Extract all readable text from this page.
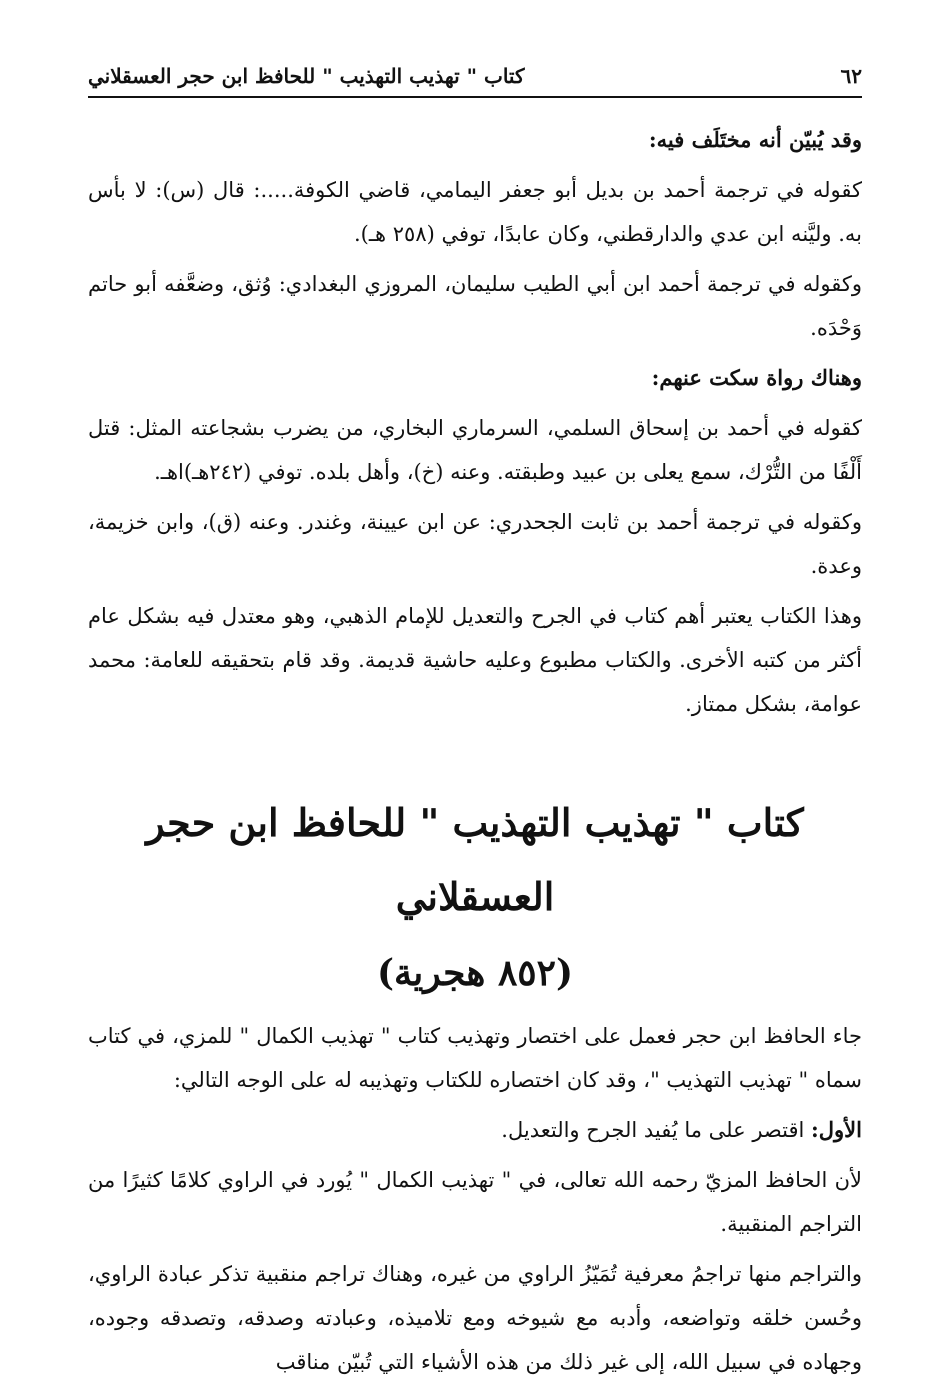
٦٢
كتاب " تهذيب التهذيب " للحافظ ابن حجر العسقلاني

وقد يُبيّن أنه مختَلَف فيه:

كقوله في ترجمة أحمد بن بديل أبو جعفر اليمامي، قاضي الكوفة.....: قال (س): لا بأس به. وليَّنه ابن عدي والدارقطني، وكان عابدًا، توفي (٢٥٨ هـ).

وكقوله في ترجمة أحمد ابن أبي الطيب سليمان، المروزي البغدادي: وُثق، وضعَّفه أبو حاتم وَحْدَه.

وهناك رواة سكت عنهم:

كقوله في أحمد بن إسحاق السلمي، السرماري البخاري، من يضرب بشجاعته المثل: قتل أَلْفًا من التُّرْك، سمع يعلى بن عبيد وطبقته. وعنه (خ)، وأهل بلده. توفي (٢٤٢هـ)اهـ.

وكقوله في ترجمة أحمد بن ثابت الجحدري: عن ابن عيينة، وغندر. وعنه (ق)، وابن خزيمة، وعدة.

وهذا الكتاب يعتبر أهم كتاب في الجرح والتعديل للإمام الذهبي، وهو معتدل فيه بشكل عام أكثر من كتبه الأخرى. والكتاب مطبوع وعليه حاشية قديمة. وقد قام بتحقيقه للعامة: محمد عوامة، بشكل ممتاز.

كتاب " تهذيب التهذيب " للحافظ ابن حجر العسقلاني
(٨٥٢ هجرية)

جاء الحافظ ابن حجر فعمل على اختصار وتهذيب كتاب " تهذيب الكمال " للمزي، في كتاب سماه " تهذيب التهذيب "، وقد كان اختصاره للكتاب وتهذيبه له على الوجه التالي:

الأول: اقتصر على ما يُفيد الجرح والتعديل.

لأن الحافظ المزيّ رحمه الله تعالى، في " تهذيب الكمال " يُورد في الراوي كلامًا كثيرًا من التراجم المنقبية.

والتراجم منها تراجمُ معرفية تُمَيّزُ الراوي من غيره، وهناك تراجم منقبية تذكر عبادة الراوي، وحُسن خلقه وتواضعه، وأدبه مع شيوخه ومع تلاميذه، وعبادته وصدقه، وتصدقه وجوده، وجهاده في سبيل الله، إلى غير ذلك من هذه الأشياء التي تُبيّن مناقب
